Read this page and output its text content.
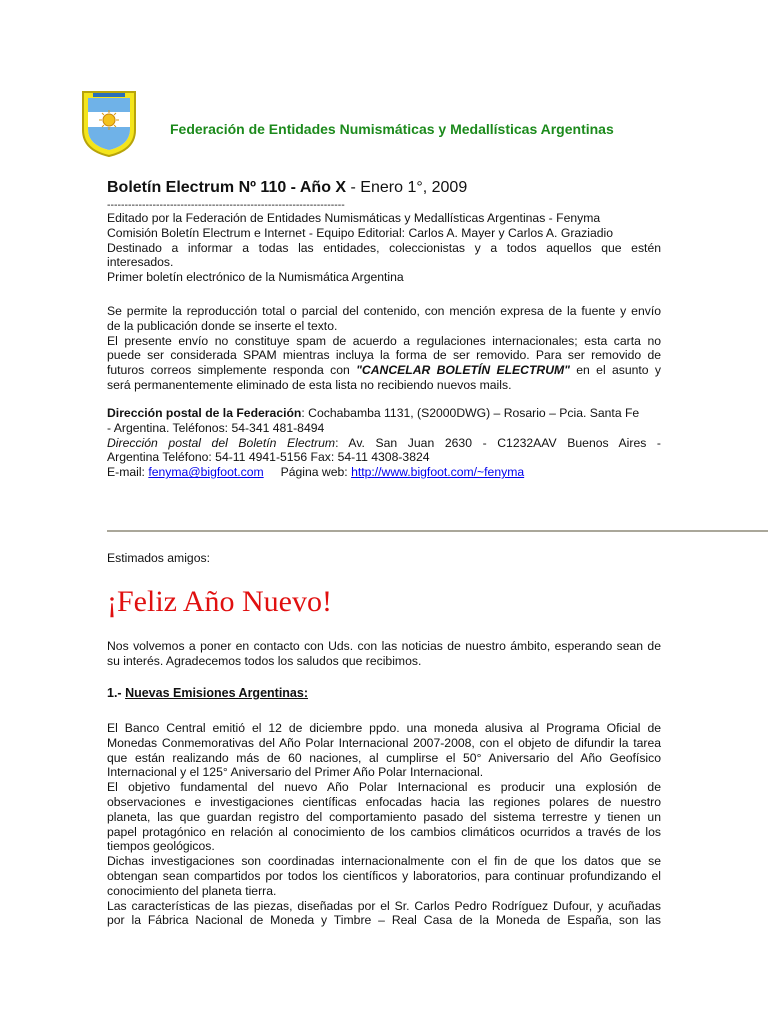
Federación de Entidades Numismáticas y Medallísticas Argentinas
Boletín Electrum Nº 110 - Año X - Enero 1°, 2009
--------------------------------------------------------------------
Editado por la Federación de Entidades Numismáticas y Medallísticas Argentinas - Fenyma
Comisión Boletín Electrum e Internet - Equipo Editorial: Carlos A. Mayer y Carlos A. Graziadio
Destinado a informar a todas las entidades, coleccionistas y a todos aquellos que estén
interesados.
Primer boletín electrónico de la Numismática Argentina
Se permite la reproducción total o parcial del contenido, con mención expresa de la fuente y envío
de la publicación donde se inserte el texto.
El presente envío no constituye spam de acuerdo a regulaciones internacionales; esta carta no
puede ser considerada SPAM mientras incluya la forma de ser removido. Para ser removido de
futuros correos simplemente responda con "CANCELAR BOLETÍN ELECTRUM" en el asunto y
será permanentemente eliminado de esta lista no recibiendo nuevos mails.
Dirección postal de la Federación: Cochabamba 1131, (S2000DWG) – Rosario – Pcia. Santa Fe
- Argentina. Teléfonos: 54-341 481-8494
Dirección postal del Boletín Electrum: Av. San Juan 2630 - C1232AAV Buenos Aires -
Argentina Teléfono: 54-11 4941-5156 Fax: 54-11 4308-3824
E-mail: fenyma@bigfoot.com Página web: http://www.bigfoot.com/~fenyma
Estimados amigos:
¡Feliz Año Nuevo!
Nos volvemos a poner en contacto con Uds. con las noticias de nuestro ámbito, esperando sean de
su interés. Agradecemos todos los saludos que recibimos.
1.- Nuevas Emisiones Argentinas:
El Banco Central emitió el 12 de diciembre ppdo. una moneda alusiva al Programa Oficial de
Monedas Conmemorativas del Año Polar Internacional 2007-2008, con el objeto de difundir la tarea
que están realizando más de 60 naciones, al cumplirse el 50° Aniversario del Año Geofísico
Internacional y el 125° Aniversario del Primer Año Polar Internacional.
El objetivo fundamental del nuevo Año Polar Internacional es producir una explosión de
observaciones e investigaciones científicas enfocadas hacia las regiones polares de nuestro
planeta, las que guardan registro del comportamiento pasado del sistema terrestre y tienen un
papel protagónico en relación al conocimiento de los cambios climáticos ocurridos a través de los
tiempos geológicos.
Dichas investigaciones son coordinadas internacionalmente con el fin de que los datos que se
obtengan sean compartidos por todos los científicos y laboratorios, para continuar profundizando el
conocimiento del planeta tierra.
Las características de las piezas, diseñadas por el Sr. Carlos Pedro Rodríguez Dufour, y acuñadas
por la Fábrica Nacional de Moneda y Timbre – Real Casa de la Moneda de España, son las
